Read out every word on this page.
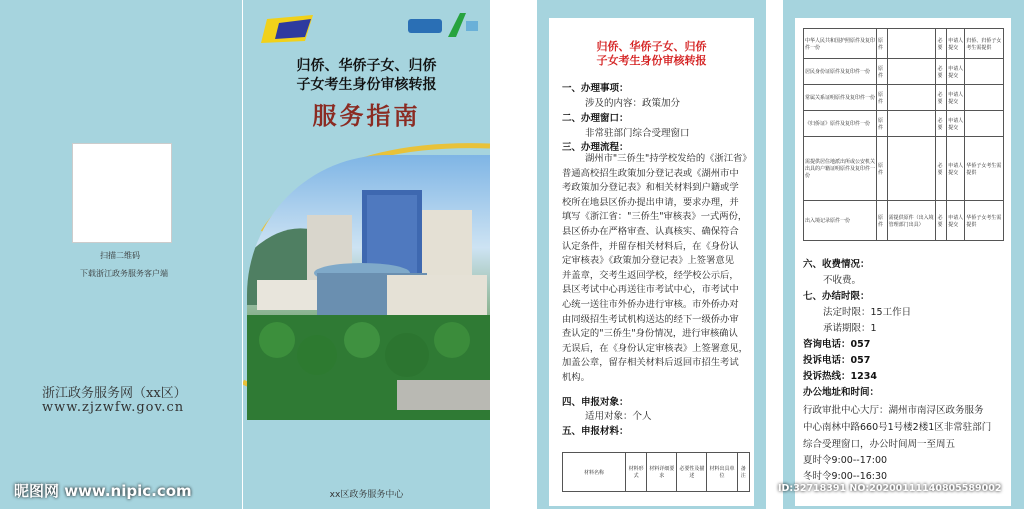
扫描二维码
下载浙江政务服务客户端
浙江政务服务网（xx区）
www.zjzwfw.gov.cn
归侨、华侨子女、归侨
子女考生身份审核转报
服务指南
xx区政务服务中心
归侨、华侨子女、归侨
子女考生身份审核转报
一、办理事项：
涉及的内容：政策加分
二、办理窗口：
非常驻部门综合受理窗口
三、办理流程：

湖州市"三侨生"持学校发给的《浙江省》

普通高校招生政策加分登记表或《湖州市中

考政策加分登记表》和相关材料到户籍或学

校所在地县区侨办提出申请，要求办理，并

填写《浙江省："三侨生"审核表》一式两份，

县区侨办在严格审查、认真核实、确保符合

认定条件，并留存相关材料后，在《身份认

定审核表》《政策加分登记表》上签署意见

并盖章，交考生返回学校，经学校公示后，

县区考试中心再送往市考试中心，市考试中

心统一送往市外侨办进行审核。市外侨办对

由同级招生考试机构送达的经下一级侨办审

查认定的"三侨生"身份情况，进行审核确认

无误后，在《身份认定审核表》上签署意见，

加盖公章，留存相关材料后返回市招生考试

机构。

四、申报对象：
适用对象：个人
五、申报材料：
材料名称	材料形式	材料详细要求	必要性及描述	材料出具单位	备注
中华人民共和国护照原件及复印件一份	原件		必要	申请人提交	归侨、归侨子女考生需提供
居民身份证原件及复印件一份	原件		必要	申请人提交	
常属关系证明原件及复印件一份	原件		必要	申请人提交	
《归侨证》原件及复印件一份	原件		必要	申请人提交	
需提供居住地派出所或公安机关出具的户籍证明原件及复印件一份	原件		必要	申请人提交	华侨子女考生需提供
出入境记录原件一份	原件	需提供原件（出入境管理部门出具）	必要	申请人提交	华侨子女考生需提供
六、收费情况：
不收费。
七、办结时限：
法定时限：15工作日
承诺期限：1
咨询电话：057
投诉电话：057
投诉热线：1234
办公地址和时间：
行政审批中心大厅：湖州市南浔区政务服务
中心南林中路660号1号楼2楼1区非常驻部门
综合受理窗口，办公时间周一至周五
夏时令9:00--17:00
冬时令9:00--16:30
昵图网 www.nipic.com	ID:32718391 NO:20200111140805589002
